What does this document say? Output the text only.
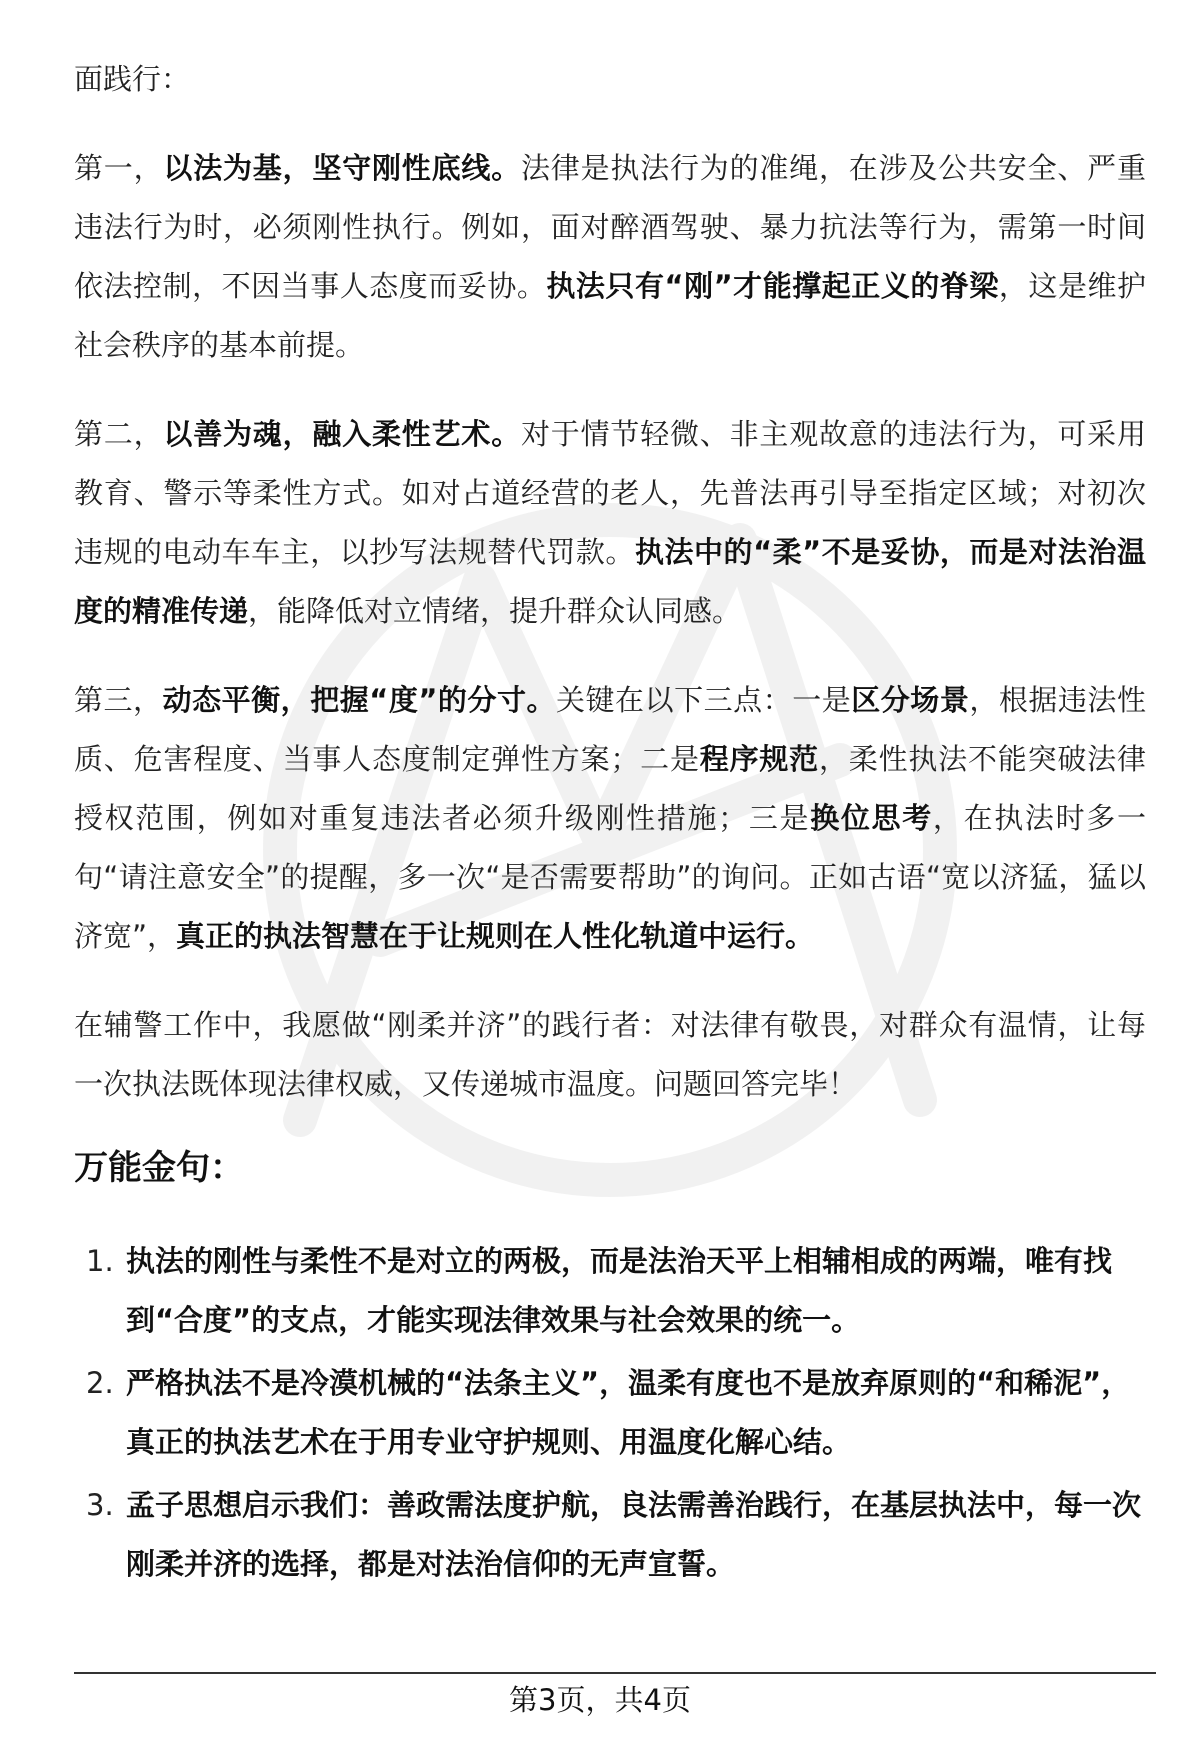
面践行：

第一，以法为基，坚守刚性底线。法律是执法行为的准绳，在涉及公共安全、严重违法行为时，必须刚性执行。例如，面对醉酒驾驶、暴力抗法等行为，需第一时间依法控制，不因当事人态度而妥协。执法只有“刚”才能撑起正义的脊梁，这是维护社会秩序的基本前提。

第二，以善为魂，融入柔性艺术。对于情节轻微、非主观故意的违法行为，可采用教育、警示等柔性方式。如对占道经营的老人，先普法再引导至指定区域；对初次违规的电动车车主，以抄写法规替代罚款。执法中的“柔”不是妥协，而是对法治温度的精准传递，能降低对立情绪，提升群众认同感。

第三，动态平衡，把握“度”的分寸。关键在以下三点：一是区分场景，根据违法性质、危害程度、当事人态度制定弹性方案；二是程序规范，柔性执法不能突破法律授权范围，例如对重复违法者必须升级刚性措施；三是换位思考，在执法时多一句“请注意安全”的提醒，多一次“是否需要帮助”的询问。正如古语“宽以济猛，猛以济宽”，真正的执法智慧在于让规则在人性化轨道中运行。

在辅警工作中，我愿做“刚柔并济”的践行者：对法律有敬畏，对群众有温情，让每一次执法既体现法律权威，又传递城市温度。问题回答完毕！

万能金句：
1. 执法的刚性与柔性不是对立的两极，而是法治天平上相辅相成的两端，唯有找到“合度”的支点，才能实现法律效果与社会效果的统一。
2. 严格执法不是冷漠机械的“法条主义”，温柔有度也不是放弃原则的“和稀泥”，真正的执法艺术在于用专业守护规则、用温度化解心结。
3. 孟子思想启示我们：善政需法度护航，良法需善治践行，在基层执法中，每一次刚柔并济的选择，都是对法治信仰的无声宣誓。
第3页，共4页
